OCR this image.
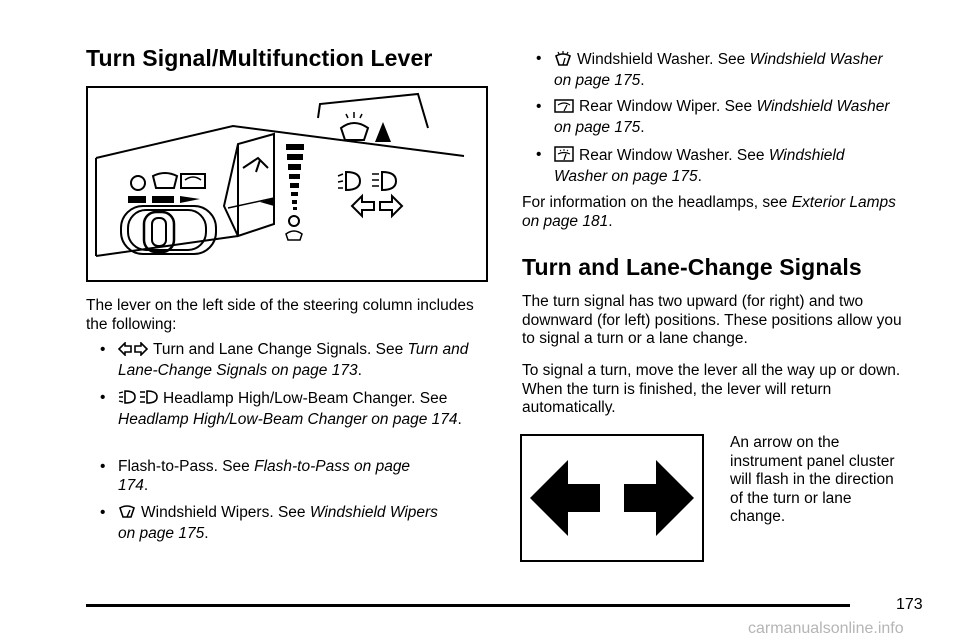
Turn Signal/Multifunction Lever

The lever on the left side of the steering column includes the following:

•	Turn and Lane Change Signals. See Turn and Lane-Change Signals on page 173.
•	Headlamp High/Low-Beam Changer. See Headlamp High/Low-Beam Changer on page 174.
• Flash-to-Pass. See Flash-to-Pass on page 174.
•	Windshield Wipers. See Windshield Wipers on page 175.
•	Windshield Washer. See Windshield Washer on page 175.
•	Rear Window Wiper. See Windshield Washer on page 175.
•	Rear Window Washer. See Windshield Washer on page 175.

For information on the headlamps, see Exterior Lamps on page 181.

Turn and Lane-Change Signals

The turn signal has two upward (for right) and two downward (for left) positions. These positions allow you to signal a turn or a lane change.

To signal a turn, move the lever all the way up or down. When the turn is finished, the lever will return automatically.

An arrow on the instrument panel cluster will flash in the direction of the turn or lane change.

173
carmanualsonline.info
